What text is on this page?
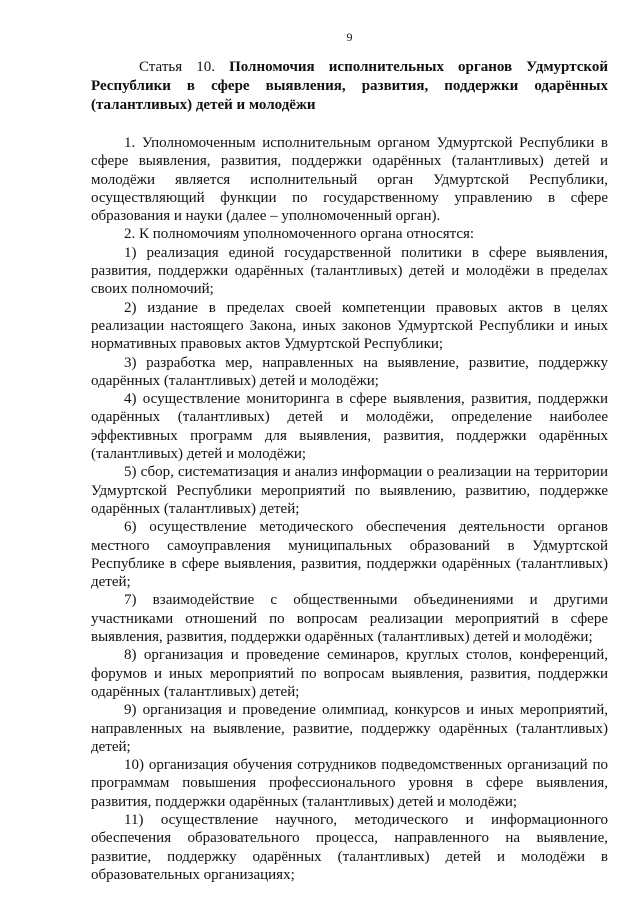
9
Статья 10. Полномочия исполнительных органов Удмуртской Республики в сфере выявления, развития, поддержки одарённых (талантливых) детей и молодёжи

1. Уполномоченным исполнительным органом Удмуртской Республики в сфере выявления, развития, поддержки одарённых (талантливых) детей и молодёжи является исполнительный орган Удмуртской Республики, осуществляющий функции по государственному управлению в сфере образования и науки (далее – уполномоченный орган).

2. К полномочиям уполномоченного органа относятся:

1) реализация единой государственной политики в сфере выявления, развития, поддержки одарённых (талантливых) детей и молодёжи в пределах своих полномочий;

2) издание в пределах своей компетенции правовых актов в целях реализации настоящего Закона, иных законов Удмуртской Республики и иных нормативных правовых актов Удмуртской Республики;

3) разработка мер, направленных на выявление, развитие, поддержку одарённых (талантливых) детей и молодёжи;

4) осуществление мониторинга в сфере выявления, развития, поддержки одарённых (талантливых) детей и молодёжи, определение наиболее эффективных программ для выявления, развития, поддержки одарённых (талантливых) детей и молодёжи;

5) сбор, систематизация и анализ информации о реализации на территории Удмуртской Республики мероприятий по выявлению, развитию, поддержке одарённых (талантливых) детей;

6) осуществление методического обеспечения деятельности органов местного самоуправления муниципальных образований в Удмуртской Республике в сфере выявления, развития, поддержки одарённых (талантливых) детей;

7) взаимодействие с общественными объединениями и другими участниками отношений по вопросам реализации мероприятий в сфере выявления, развития, поддержки одарённых (талантливых) детей и молодёжи;

8) организация и проведение семинаров, круглых столов, конференций, форумов и иных мероприятий по вопросам выявления, развития, поддержки одарённых (талантливых) детей;

9) организация и проведение олимпиад, конкурсов и иных мероприятий, направленных на выявление, развитие, поддержку одарённых (талантливых) детей;

10) организация обучения сотрудников подведомственных организаций по программам повышения профессионального уровня в сфере выявления, развития, поддержки одарённых (талантливых) детей и молодёжи;

11) осуществление научного, методического и информационного обеспечения образовательного процесса, направленного на выявление, развитие, поддержку одарённых (талантливых) детей и молодёжи в образовательных организациях;
